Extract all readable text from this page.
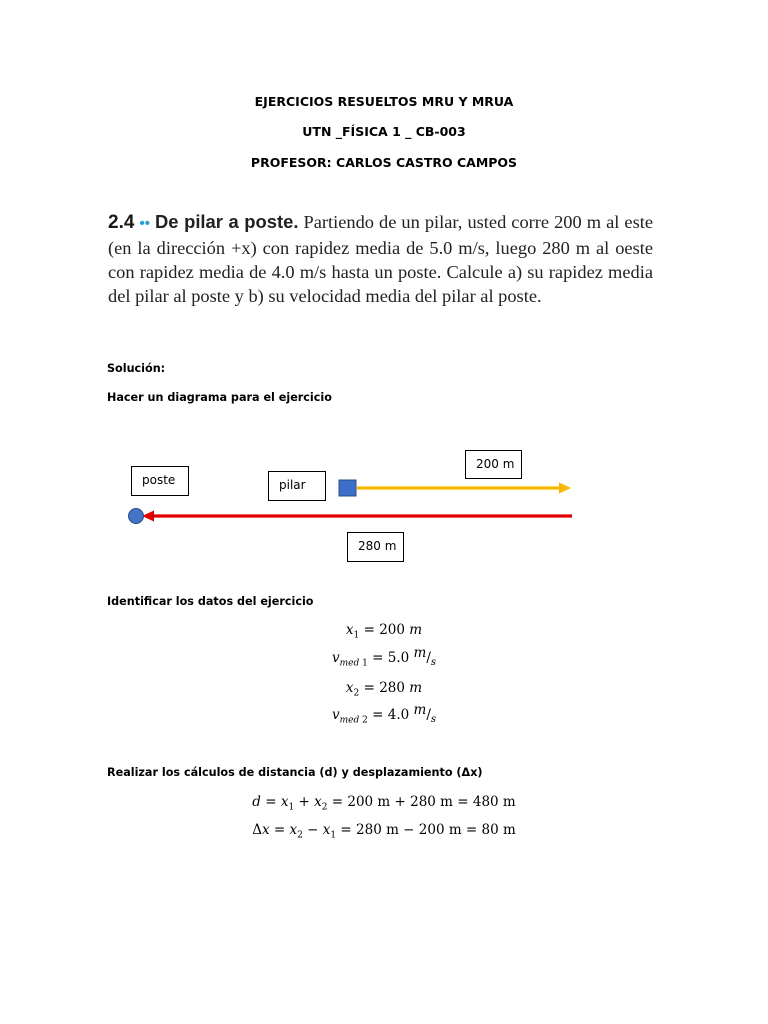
EJERCICIOS RESUELTOS MRU Y MRUA
UTN _FÍSICA 1 _ CB-003
PROFESOR: CARLOS CASTRO CAMPOS
2.4 •• De pilar a poste. Partiendo de un pilar, usted corre 200 m al este (en la dirección +x) con rapidez media de 5.0 m/s, luego 280 m al oeste con rapidez media de 4.0 m/s hasta un poste. Calcule a) su rapidez media del pilar al poste y b) su velocidad media del pilar al poste.
Solución:
Hacer un diagrama para el ejercicio
poste	pilar
200 m
280 m
Identificar los datos del ejercicio
$x_1 = 200$ m
$v_{med 1} = 5.0$ $m/_s$
$x_2 = 280$ m
$v_{med 2} = 4.0$ $m/_s$
Realizar los cálculos de distancia (d) y desplazamiento (Δx)
$d = x_1 + x_2 = 200$ m + 280 m = 480 m
$\Delta x = x_2 - x_1 = 280$ m − 200 m = 80 m
